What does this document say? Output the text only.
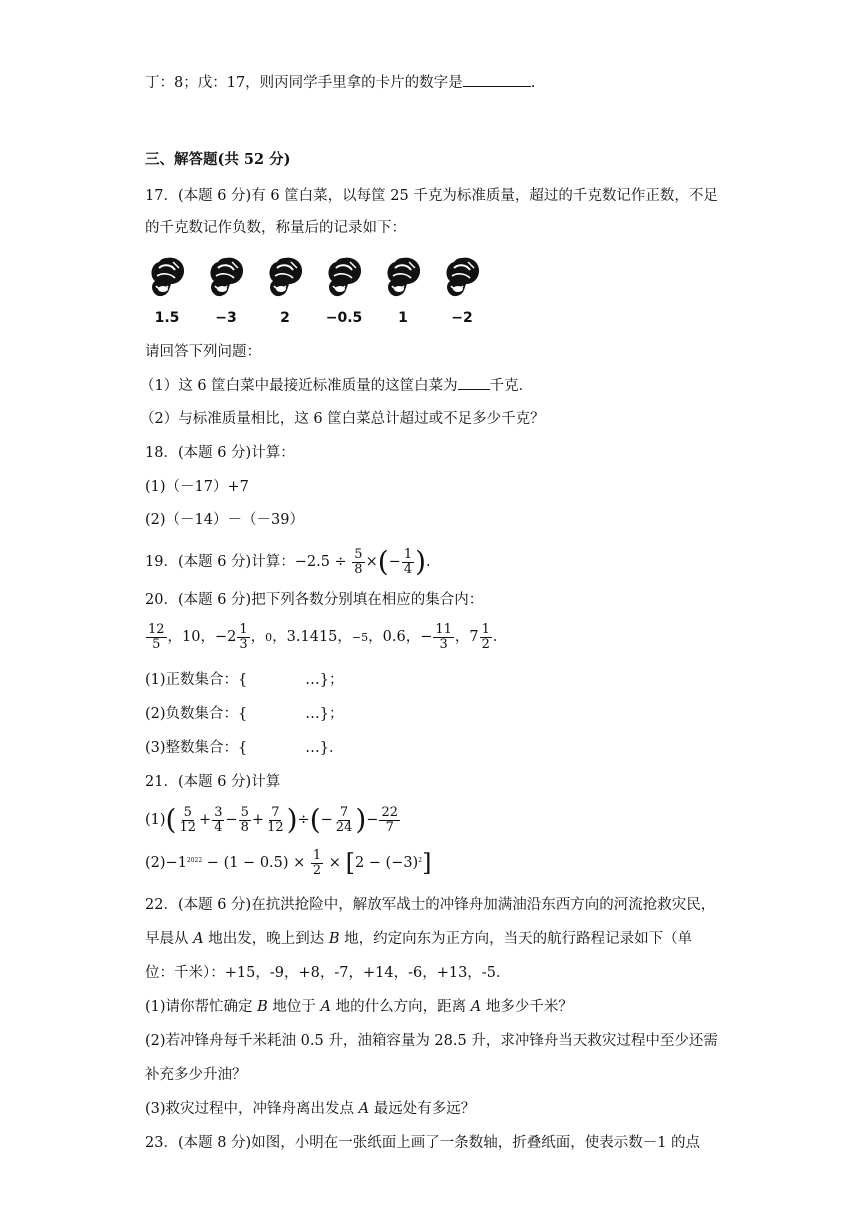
丁：8；戊：17，则丙同学手里拿的卡片的数字是	.
三、解答题(共 52 分)
17．(本题 6 分)有 6 筐白菜，以每筐 25 千克为标准质量，超过的千克数记作正数，不足
的千克数记作负数，称量后的记录如下：
1.5	−3	2	−0.5	1	−2
请回答下列问题：
（1）这 6 筐白菜中最接近标准质量的这筐白菜为 千克．
（2）与标准质量相比，这 6 筐白菜总计超过或不足多少千克？
18．(本题 6 分)计算：
(1)（－17）+7
(2)（－14）－（－39）
19．(本题 6 分)计算：$-2.5 \div \frac{5}{8}$ ×(− $\frac{1}{4}$ ).
20．(本题 6 分)把下列各数分别填在相应的集合内：
$\frac{12}{5}$ ，10，$-2 \frac{1}{3}$ ，0，3.1415，−5，0.6，− $\frac{11}{3}$ ，$7 \frac{1}{2}$ ．
(1)正数集合：{　　　　…}；
(2)负数集合：{　　　　…}；
(3)整数集合：{　　　　…}．
21．(本题 6 分)计算
$(1)( \frac{5}{12} + \frac{3}{4} - \frac{5}{8} + \frac{7}{12}$ )÷(− $\frac{7}{24}$ )− $\frac{22}{7}$
$(2)-1^{2022} - (1 - 0.5) \times \frac{1}{2} \times [2 - (-3)^2]$
22．(本题 6 分)在抗洪抢险中，解放军战士的冲锋舟加满油沿东西方向的河流抢救灾民，
早晨从 A 地出发，晚上到达 B 地，约定向东为正方向，当天的航行路程记录如下（单
位：千米）：+15，-9，+8，-7，+14，-6，+13，-5．
(1)请你帮忙确定 B 地位于 A 地的什么方向，距离 A 地多少千米？
(2)若冲锋舟每千米耗油 0.5 升，油箱容量为 28.5 升，求冲锋舟当天救灾过程中至少还需
补充多少升油？
(3)救灾过程中，冲锋舟离出发点 A 最远处有多远？
23．(本题 8 分)如图，小明在一张纸面上画了一条数轴，折叠纸面，使表示数－1 的点
